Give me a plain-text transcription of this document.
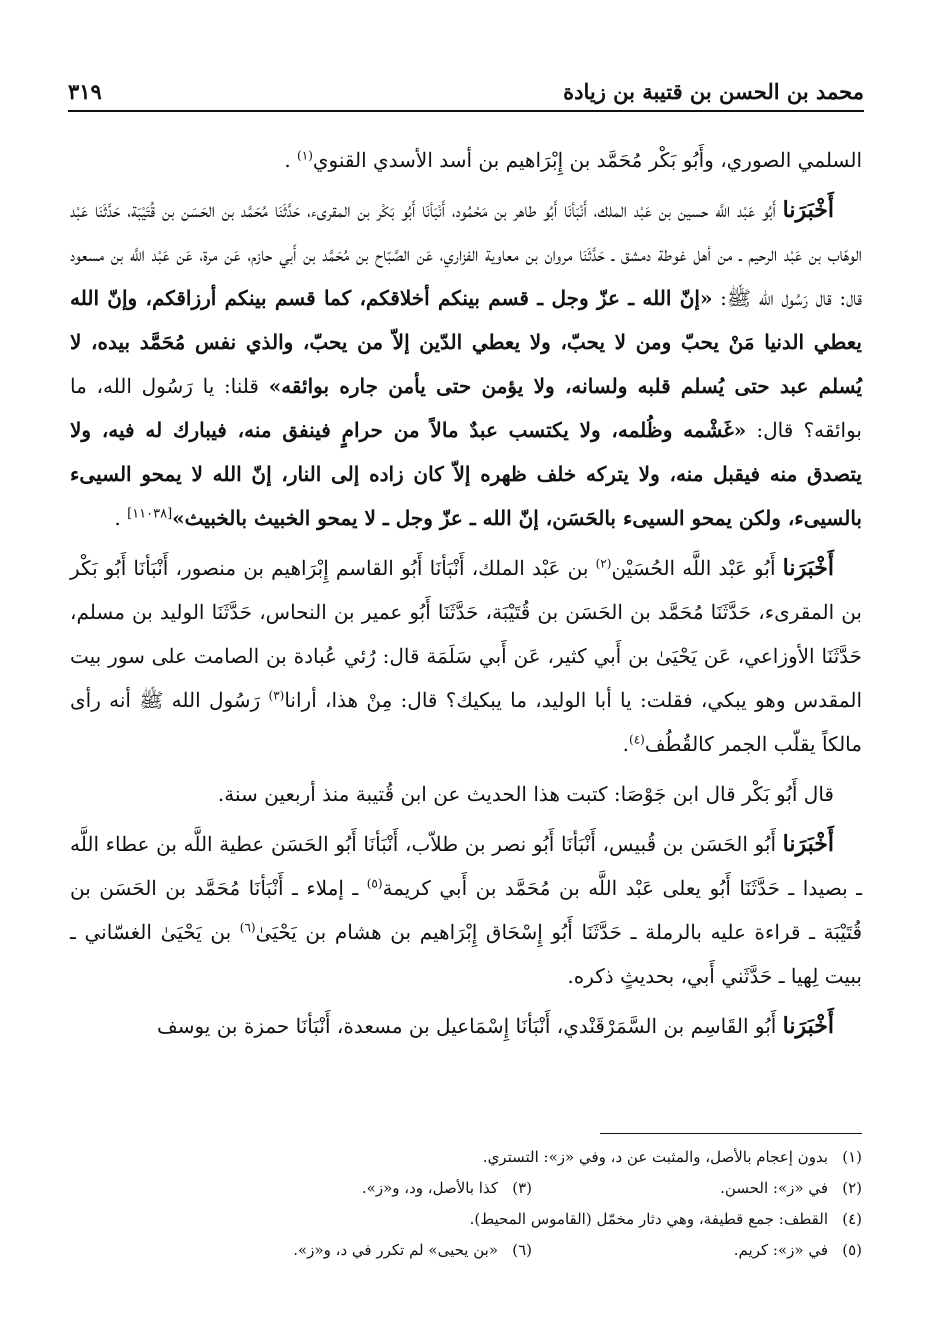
محمد بن الحسن بن قتيبة بن زيادة
٣١٩

السلمي الصوري، وأَبُو بَكْر مُحَمَّد بن إِبْرَاهيم بن أسد الأسدي القنوي$^{(١)}$ .

أَخْبَرَنا أَبُو عَبْد اللَّه حسين بن عَبْد الملك، أَنْبَأنَا أَبُو طاهر بن مَحْمُود، أَنْبَأنَا أَبُو بَكْر بن المقرىء، حَدَّثَنَا مُحَمَّد بن الحَسَن بن قُتَيْبَة، حَدَّثَنَا عَبْد الوهّاب بن عَبْد الرحيم ـ من أهل غوطة دمشق ـ حَدَّثَنَا مروان بن معاوية الفزاري، عَن الصَّبّاح بن مُحَمَّد بن أَبي حازم، عَن مرة، عَن عَبْد اللَّه بن مسعود قال: قال رَسُول الله ﷺ: «إنّ الله ـ عزّ وجل ـ قسم بينكم أخلاقكم، كما قسم بينكم أرزاقكم، وإنّ الله يعطي الدنيا مَنْ يحبّ ومن لا يحبّ، ولا يعطي الدّين إلاّ من يحبّ، والذي نفس مُحَمَّد بيده، لا يُسلم عبد حتى يُسلم قلبه ولسانه، ولا يؤمن حتى يأمن جاره بوائقه» قلنا: يا رَسُول الله، ما بوائقه؟ قال: «غَشْمه وظُلمه، ولا يكتسب عبدٌ مالاً من حرامٍ فينفق منه، فيبارك له فيه، ولا يتصدق منه فيقبل منه، ولا يتركه خلف ظهره إلاّ كان زاده إلى النار، إنّ الله لا يمحو السيىء بالسيىء، ولكن يمحو السيىء بالحَسَن، إنّ الله ـ عزّ وجل ـ لا يمحو الخبيث بالخبيث»[١١٠٣٨] .

أَخْبَرَنا أَبُو عَبْد اللَّه الحُسَيْن$^{(٢)}$ بن عَبْد الملك، أَنْبَأنَا أَبُو القاسم إِبْرَاهيم بن منصور، أَنْبَأنَا أَبُو بَكْر بن المقرىء، حَدَّثَنَا مُحَمَّد بن الحَسَن بن قُتَيْبَة، حَدَّثَنَا أَبُو عمير بن النحاس، حَدَّثَنَا الوليد بن مسلم، حَدَّثَنَا الأوزاعي، عَن يَحْيَىٰ بن أَبي كثير، عَن أَبي سَلَمَة قال: رُئي عُبادة بن الصامت على سور بيت المقدس وهو يبكي، فقلت: يا أبا الوليد، ما يبكيك؟ قال: مِنْ هذا، أرانا$^{(٣)}$ رَسُول الله ﷺ أنه رأى مالكاً يقلّب الجمر كالقُطُف$^{(٤)}$.

قال أَبُو بَكْر قال ابن جَوْصَا: كتبت هذا الحديث عن ابن قُتيبة منذ أربعين سنة.

أَخْبَرَنا أَبُو الحَسَن بن قُبيس، أَنْبَأنَا أَبُو نصر بن طلاّب، أَنْبَأنَا أَبُو الحَسَن عطية اللَّه بن عطاء اللَّه ـ بصيدا ـ حَدَّثَنَا أَبُو يعلى عَبْد اللَّه بن مُحَمَّد بن أَبي كريمة$^{(٥)}$ ـ إملاء ـ أَنْبَأنَا مُحَمَّد بن الحَسَن بن قُتَيْبَة ـ قراءة عليه بالرملة ـ حَدَّثَنَا أَبُو إِسْحَاق إِبْرَاهيم بن هشام بن يَحْيَىٰ$^{(٦)}$ بن يَحْيَىٰ الغسّاني ـ ببيت لِهيا ـ حَدَّثَني أَبي، بحديثٍ ذكره.

أَخْبَرَنا أَبُو القَاسِم بن السَّمَرْقَنْدي، أَنْبَأنَا إِسْمَاعيل بن مسعدة، أَنْبَأنَا حمزة بن يوسف

(١)بدون إعجام بالأصل، والمثبت عن د، وفي «ز»: التستري.
(٢)في «ز»: الحسن.
(٣)كذا بالأصل، ود، و«ز».
(٤)القطف: جمع قطيفة، وهي دثار مخمّل (القاموس المحيط).
(٥)في «ز»: كريم.
(٦)«بن يحيى» لم تكرر في د، و«ز».
